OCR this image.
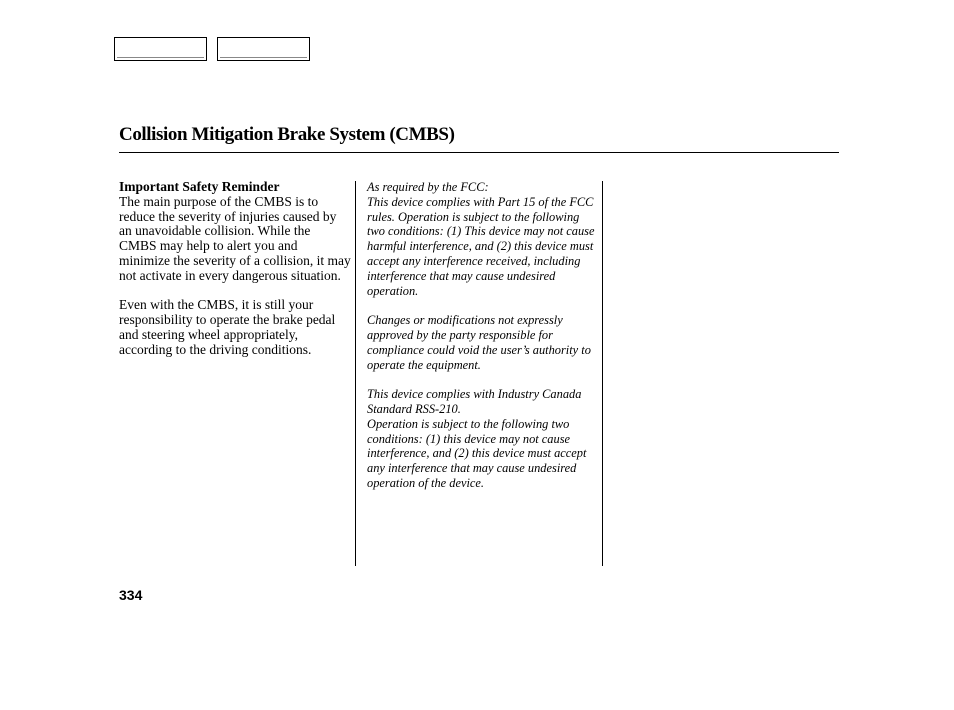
Collision Mitigation Brake System (CMBS)
Important Safety Reminder

The main purpose of the CMBS is to reduce the severity of injuries caused by an unavoidable collision. While the CMBS may help to alert you and minimize the severity of a collision, it may not activate in every dangerous situation.

Even with the CMBS, it is still your responsibility to operate the brake pedal and steering wheel appropriately, according to the driving conditions.

As required by the FCC:
This device complies with Part 15 of the FCC rules. Operation is subject to the following two conditions: (1) This device may not cause harmful interference, and (2) this device must accept any interference received, including interference that may cause undesired operation.

Changes or modifications not expressly approved by the party responsible for compliance could void the user’s authority to operate the equipment.

This device complies with Industry Canada Standard RSS-210.
Operation is subject to the following two conditions: (1) this device may not cause interference, and (2) this device must accept any interference that may cause undesired operation of the device.

334
